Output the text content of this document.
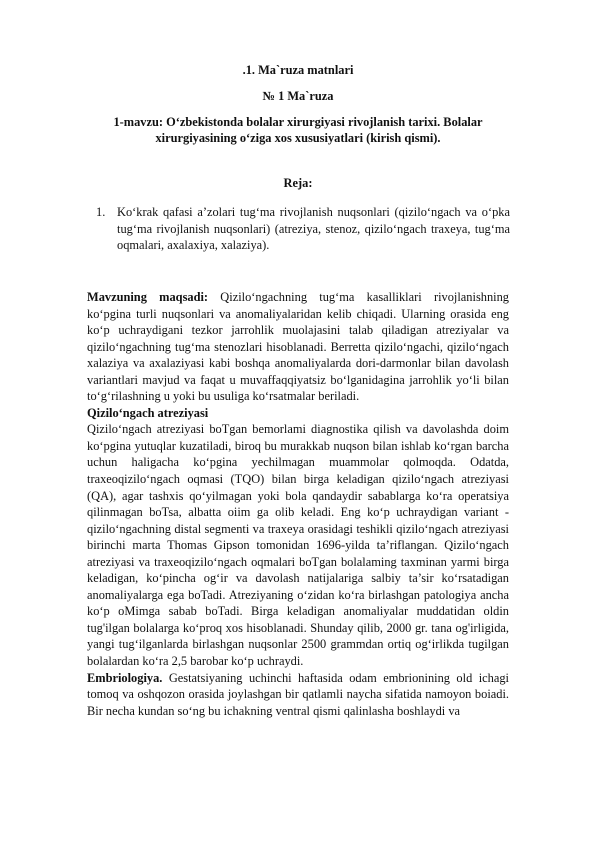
.1. Ma`ruza matnlari
№ 1 Ma`ruza
1-mavzu: O‘zbekistonda bolalar xirurgiyasi rivojlanish tarixi. Bolalar xirurgiyasining o‘ziga xos xususiyatlari (kirish qismi).
Reja:
1. Ko‘krak qafasi a’zolari tug‘ma rivojlanish nuqsonlari (qizilo‘ngach va o‘pka tug‘ma rivojlanish nuqsonlari) (atreziya, stenoz, qizilo‘ngach traxeya, tug‘ma oqmalari, axalaxiya, xalaziya).

Mavzuning maqsadi: Qizilo‘ngachning tug‘ma kasalliklari rivojlanishning ko‘pgina turli nuqsonlari va anomaliyalaridan kelib chiqadi. Ularning orasida eng ko‘p uchraydigani tezkor jarrohlik muolajasini talab qiladigan atreziyalar va qizilo‘ngachning tug‘ma stenozlari hisoblanadi. Berretta qizilo‘ngachi, qizilo‘ngach xalaziya va axalaziyasi kabi boshqa anomaliyalarda dori-darmonlar bilan davolash variantlari mavjud va faqat u muvaffaqqiyatsiz bo‘lganidagina jarrohlik yo‘li bilan to‘g‘rilashning u yoki bu usuliga ko‘rsatmalar beriladi.

Qizilo‘ngach atreziyasi

Qizilo‘ngach atreziyasi boTgan bemorlami diagnostika qilish va davolashda doim ko‘pgina yutuqlar kuzatiladi, biroq bu murakkab nuqson bilan ishlab ko‘rgan barcha uchun haligacha ko‘pgina yechilmagan muammolar qolmoqda. Odatda, traxeoqizilo‘ngach oqmasi (TQO) bilan birga keladigan qizilo‘ngach atreziyasi (QA), agar tashxis qo‘yilmagan yoki bola qandaydir sabablarga ko‘ra operatsiya qilinmagan boTsa, albatta oiim ga olib keladi. Eng ko‘p uchraydigan variant - qizilo‘ngachning distal segmenti va traxeya orasidagi teshikli qizilo‘ngach atreziyasi birinchi marta Thomas Gipson tomonidan 1696-yilda ta’riflangan. Qizilo‘ngach atreziyasi va traxeoqizilo‘ngach oqmalari boTgan bolalaming taxminan yarmi birga keladigan, ko‘pincha og‘ir va davolash natijalariga salbiy ta’sir ko‘rsatadigan anomaliyalarga ega boTadi. Atreziyaning o‘zidan ko‘ra birlashgan patologiya ancha ko‘p oMimga sabab boTadi. Birga keladigan anomaliyalar muddatidan oldin tug'ilgan bolalarga ko‘proq xos hisoblanadi. Shunday qilib, 2000 gr. tana og'irligida, yangi tug‘ilganlarda birlashgan nuqsonlar 2500 grammdan ortiq og‘irlikda tugilgan bolalardan ko‘ra 2,5 barobar ko‘p uchraydi.

Embriologiya. Gestatsiyaning uchinchi haftasida odam embrionining old ichagi tomoq va oshqozon orasida joylashgan bir qatlamli naycha sifatida namoyon boiadi. Bir necha kundan so‘ng bu ichakning ventral qismi qalinlasha boshlaydi va
